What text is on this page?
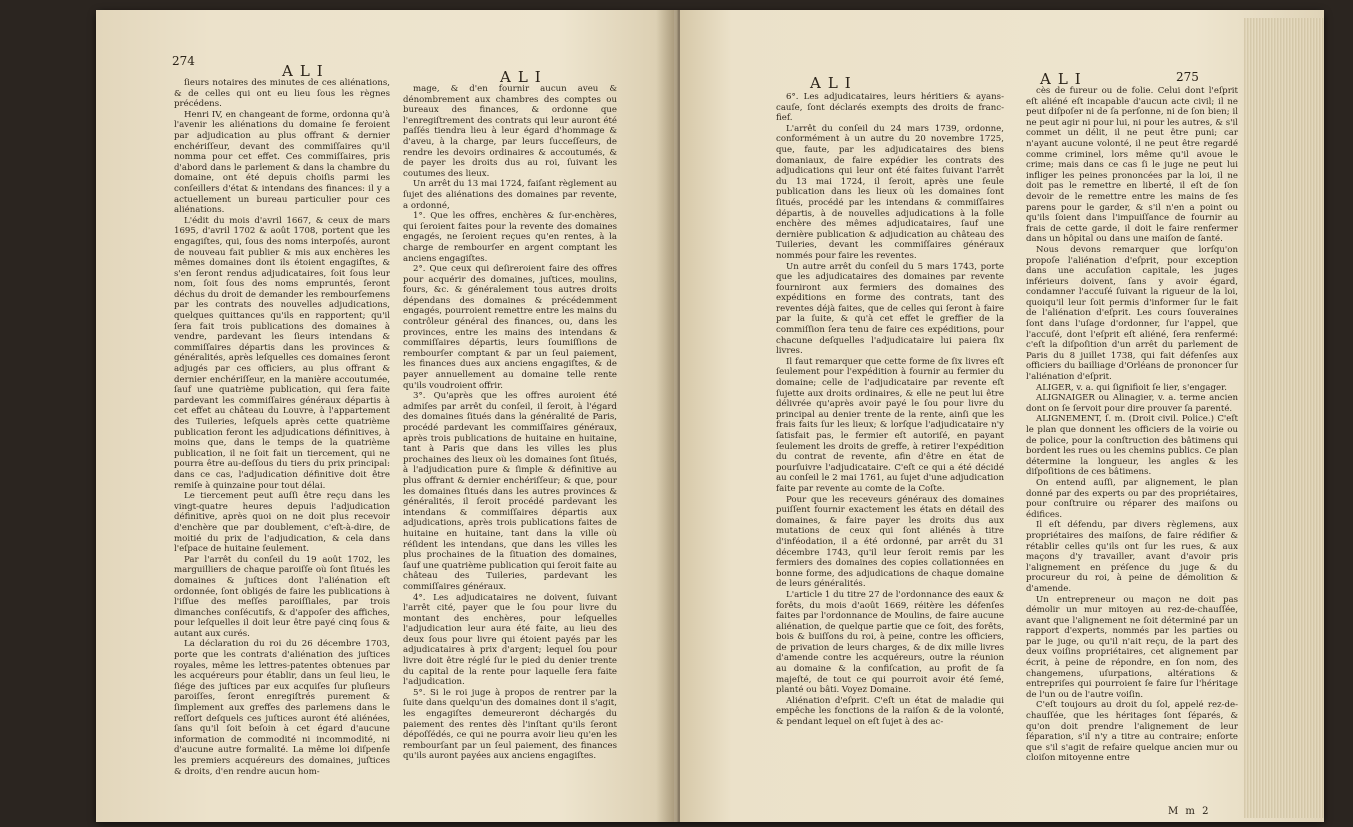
274
ALI	ALI

ſieurs notaires des minutes de ces aliénations, & de celles qui ont eu lieu ſous les règnes précédens.

Henri IV, en changeant de forme, ordonna qu'à l'avenir les aliénations du domaine ſe feroient par adjudication au plus offrant & dernier enchériſſeur, devant des commiſſaires qu'il nomma pour cet effet. Ces commiſſaires, pris d'abord dans le parlement & dans la chambre du domaine, ont été depuis choiſis parmi les conſeillers d'état & intendans des finances: il y a actuellement un bureau particulier pour ces aliénations.

L'édit du mois d'avril 1667, & ceux de mars 1695, d'avril 1702 & août 1708, portent que les engagiſtes, qui, ſous des noms interpoſés, auront de nouveau fait publier & mis aux enchères les mêmes domaines dont ils étoient engagiſtes, & s'en ſeront rendus adjudicataires, ſoit ſous leur nom, ſoit ſous des noms empruntés, ſeront déchus du droit de demander les rembourſemens par les contrats des nouvelles adjudications, quelques quittances qu'ils en rapportent; qu'il ſera fait trois publications des domaines à vendre, pardevant les ſieurs intendans & commiſſaires départis dans les provinces & généralités, après leſquelles ces domaines ſeront adjugés par ces officiers, au plus offrant & dernier enchériſſeur, en la manière accoutumée, ſauf une quatrième publication, qui ſera faite pardevant les commiſſaires généraux départis à cet effet au château du Louvre, à l'appartement des Tuileries, leſquels après cette quatrième publication feront les adjudications définitives, à moins que, dans le temps de la quatrième publication, il ne ſoit fait un tiercement, qui ne pourra être au-deſſous du tiers du prix principal: dans ce cas, l'adjudication définitive doit être remiſe à quinzaine pour tout délai.

Le tiercement peut auſſi être reçu dans les vingt-quatre heures depuis l'adjudication définitive, après quoi on ne doit plus recevoir d'enchère que par doublement, c'eſt-à-dire, de moitié du prix de l'adjudication, & cela dans l'eſpace de huitaine ſeulement.

Par l'arrêt du conſeil du 19 août 1702, les marguilliers de chaque paroiſſe où ſont ſitués les domaines & juſtices dont l'aliénation eſt ordonnée, ſont obligés de faire les publications à l'iſſue des meſſes paroiſſiales, par trois dimanches conſécutifs, & d'appoſer des affiches, pour leſquelles il doit leur être payé cinq ſous & autant aux curés.

La déclaration du roi du 26 décembre 1703, porte que les contrats d'aliénation des juſtices royales, même les lettres-patentes obtenues par les acquéreurs pour établir, dans un ſeul lieu, le ſiége des juſtices par eux acquiſes ſur pluſieurs paroiſſes, ſeront enregiſtrés purement & ſimplement aux greffes des parlemens dans le reſſort deſquels ces juſtices auront été aliénées, ſans qu'il ſoit beſoin à cet égard d'aucune information de commodité ni incommodité, ni d'aucune autre formalité. La même loi diſpenſe les premiers acquéreurs des domaines, juſtices & droits, d'en rendre aucun hom-

mage, & d'en fournir aucun aveu & dénombrement aux chambres des comptes ou bureaux des finances, & ordonne que l'enregiſtrement des contrats qui leur auront été paſſés tiendra lieu à leur égard d'hommage & d'aveu, à la charge, par leurs ſucceſſeurs, de rendre les devoirs ordinaires & accoutumés, & de payer les droits dus au roi, ſuivant les coutumes des lieux.

Un arrêt du 13 mai 1724, faiſant règlement au ſujet des aliénations des domaines par revente, a ordonné,

1°. Que les offres, enchères & ſur-enchères, qui ſeroient faites pour la revente des domaines engagés, ne ſeroient reçues qu'en rentes, à la charge de rembourſer en argent comptant les anciens engagiſtes.

2°. Que ceux qui deſireroient faire des offres pour acquérir des domaines, juſtices, moulins, fours, &c. & généralement tous autres droits dépendans des domaines & précédemment engagés, pourroient remettre entre les mains du contrôleur général des finances, ou, dans les provinces, entre les mains des intendans & commiſſaires départis, leurs ſoumiſſions de rembourſer comptant & par un ſeul paiement, les finances dues aux anciens engagiſtes, & de payer annuellement au domaine telle rente qu'ils voudroient offrir.

3°. Qu'après que les offres auroient été admiſes par arrêt du conſeil, il ſeroit, à l'égard des domaines ſitués dans la généralité de Paris, procédé pardevant les commiſſaires généraux, après trois publications de huitaine en huitaine, tant à Paris que dans les villes les plus prochaines des lieux où les domaines ſont ſitués, à l'adjudication pure & ſimple & définitive au plus offrant & dernier enchériſſeur; & que, pour les domaines ſitués dans les autres provinces & généralités, il ſeroit procédé pardevant les intendans & commiſſaires départis aux adjudications, après trois publications faites de huitaine en huitaine, tant dans la ville où réſident les intendans, que dans les villes les plus prochaines de la ſituation des domaines, ſauf une quatrième publication qui ſeroit faite au château des Tuileries, pardevant les commiſſaires généraux.

4°. Les adjudicataires ne doivent, ſuivant l'arrêt cité, payer que le ſou pour livre du montant des enchères, pour leſquelles l'adjudication leur aura été faite, au lieu des deux ſous pour livre qui étoient payés par les adjudicataires à prix d'argent; lequel ſou pour livre doit être réglé ſur le pied du denier trente du capital de la rente pour laquelle ſera faite l'adjudication.

5°. Si le roi juge à propos de rentrer par la ſuite dans quelqu'un des domaines dont il s'agit, les engagiſtes demeureront déchargés du paiement des rentes dès l'inſtant qu'ils ſeront dépoſſédés, ce qui ne pourra avoir lieu qu'en les rembourſant par un ſeul paiement, des finances qu'ils auront payées aux anciens engagiſtes.

ALI	ALI	275

6°. Les adjudicataires, leurs héritiers & ayans-cauſe, ſont déclarés exempts des droits de franc-fief.

L'arrêt du conſeil du 24 mars 1739, ordonne, conformément à un autre du 20 novembre 1725, que, faute, par les adjudicataires des biens domaniaux, de faire expédier les contrats des adjudications qui leur ont été faites ſuivant l'arrêt du 13 mai 1724, il ſeroit, après une ſeule publication dans les lieux où les domaines ſont ſitués, procédé par les intendans & commiſſaires départis, à de nouvelles adjudications à la folle enchère des mêmes adjudicataires, ſauf une dernière publication & adjudication au château des Tuileries, devant les commiſſaires généraux nommés pour faire les reventes.

Un autre arrêt du conſeil du 5 mars 1743, porte que les adjudicataires des domaines par revente fourniront aux fermiers des domaines des expéditions en forme des contrats, tant des reventes déjà faites, que de celles qui ſeront à faire par la ſuite, & qu'à cet effet le greffier de la commiſſion ſera tenu de faire ces expéditions, pour chacune deſquelles l'adjudicataire lui paiera ſix livres.

Il faut remarquer que cette forme de ſix livres eſt ſeulement pour l'expédition à fournir au fermier du domaine; celle de l'adjudicataire par revente eſt ſujette aux droits ordinaires, & elle ne peut lui être délivrée qu'après avoir payé le ſou pour livre du principal au denier trente de la rente, ainſi que les frais faits ſur les lieux; & lorſque l'adjudicataire n'y ſatisfait pas, le fermier eſt autoriſé, en payant ſeulement les droits de greffe, à retirer l'expédition du contrat de revente, afin d'être en état de pourſuivre l'adjudicataire. C'eſt ce qui a été décidé au conſeil le 2 mai 1761, au ſujet d'une adjudication faite par revente au comte de la Coſte.

Pour que les receveurs généraux des domaines puiſſent fournir exactement les états en détail des domaines, & faire payer les droits dus aux mutations de ceux qui ſont aliénés à titre d'inféodation, il a été ordonné, par arrêt du 31 décembre 1743, qu'il leur ſeroit remis par les fermiers des domaines des copies collationnées en bonne forme, des adjudications de chaque domaine de leurs généralités.

L'article 1 du titre 27 de l'ordonnance des eaux & forêts, du mois d'août 1669, réitère les défenſes faites par l'ordonnance de Moulins, de faire aucune aliénation, de quelque partie que ce ſoit, des forêts, bois & buiſſons du roi, à peine, contre les officiers, de privation de leurs charges, & de dix mille livres d'amende contre les acquéreurs, outre la réunion au domaine & la confiſcation, au profit de ſa majeſté, de tout ce qui pourroit avoir été ſemé, planté ou bâti. Voyez Domaine.

Aliénation d'eſprit. C'eſt un état de maladie qui empêche les fonctions de la raiſon & de la volonté, & pendant lequel on eſt ſujet à des ac-

cès de fureur ou de folie. Celui dont l'eſprit eſt aliéné eſt incapable d'aucun acte civil; il ne peut diſpoſer ni de ſa perſonne, ni de ſon bien; il ne peut agir ni pour lui, ni pour les autres, & s'il commet un délit, il ne peut être puni; car n'ayant aucune volonté, il ne peut être regardé comme criminel, lors même qu'il avoue le crime; mais dans ce cas ſi le juge ne peut lui infliger les peines prononcées par la loi, il ne doit pas le remettre en liberté, il eſt de ſon devoir de le remettre entre les mains de ſes parens pour le garder, & s'il n'en a point ou qu'ils ſoient dans l'impuiſſance de fournir au frais de cette garde, il doit le faire renfermer dans un hôpital ou dans une maiſon de ſanté.

Nous devons remarquer que lorſqu'on propoſe l'aliénation d'eſprit, pour exception dans une accuſation capitale, les juges inférieurs doivent, ſans y avoir égard, condamner l'accuſé ſuivant la rigueur de la loi, quoiqu'il leur ſoit permis d'informer ſur le fait de l'aliénation d'eſprit. Les cours ſouveraines ſont dans l'uſage d'ordonner, ſur l'appel, que l'accuſé, dont l'eſprit eſt aliéné, ſera renfermé: c'eſt la diſpoſition d'un arrêt du parlement de Paris du 8 juillet 1738, qui fait défenſes aux officiers du bailliage d'Orléans de prononcer ſur l'aliénation d'eſprit.

ALIGER, v. a. qui ſignifioit ſe lier, s'engager.

ALIGNAIGER ou Alinagier, v. a. terme ancien dont on ſe ſervoit pour dire prouver ſa parenté.

ALIGNEMENT, ſ. m. (Droit civil. Police.) C'eſt le plan que donnent les officiers de la voirie ou de police, pour la conſtruction des bâtimens qui bordent les rues ou les chemins publics. Ce plan détermine la longueur, les angles & les diſpoſitions de ces bâtimens.

On entend auſſi, par alignement, le plan donné par des experts ou par des propriétaires, pour conſtruire ou réparer des maiſons ou édifices.

Il eſt défendu, par divers règlemens, aux propriétaires des maiſons, de faire rédifier & rétablir celles qu'ils ont ſur les rues, & aux maçons d'y travailler, avant d'avoir pris l'alignement en préſence du juge & du procureur du roi, à peine de démolition & d'amende.

Un entrepreneur ou maçon ne doit pas démolir un mur mitoyen au rez-de-chauſſée, avant que l'alignement ne ſoit déterminé par un rapport d'experts, nommés par les parties ou par le juge, ou qu'il n'ait reçu, de la part des deux voiſins propriétaires, cet alignement par écrit, à peine de répondre, en ſon nom, des changemens, uſurpations, altérations & entrepriſes qui pourroient ſe faire ſur l'héritage de l'un ou de l'autre voiſin.

C'eſt toujours au droit du ſol, appelé rez-de-chauſſée, que les héritages ſont ſéparés, & qu'on doit prendre l'alignement de leur ſéparation, s'il n'y a titre au contraire; enſorte que s'il s'agit de refaire quelque ancien mur ou cloiſon mitoyenne entre

M m 2
